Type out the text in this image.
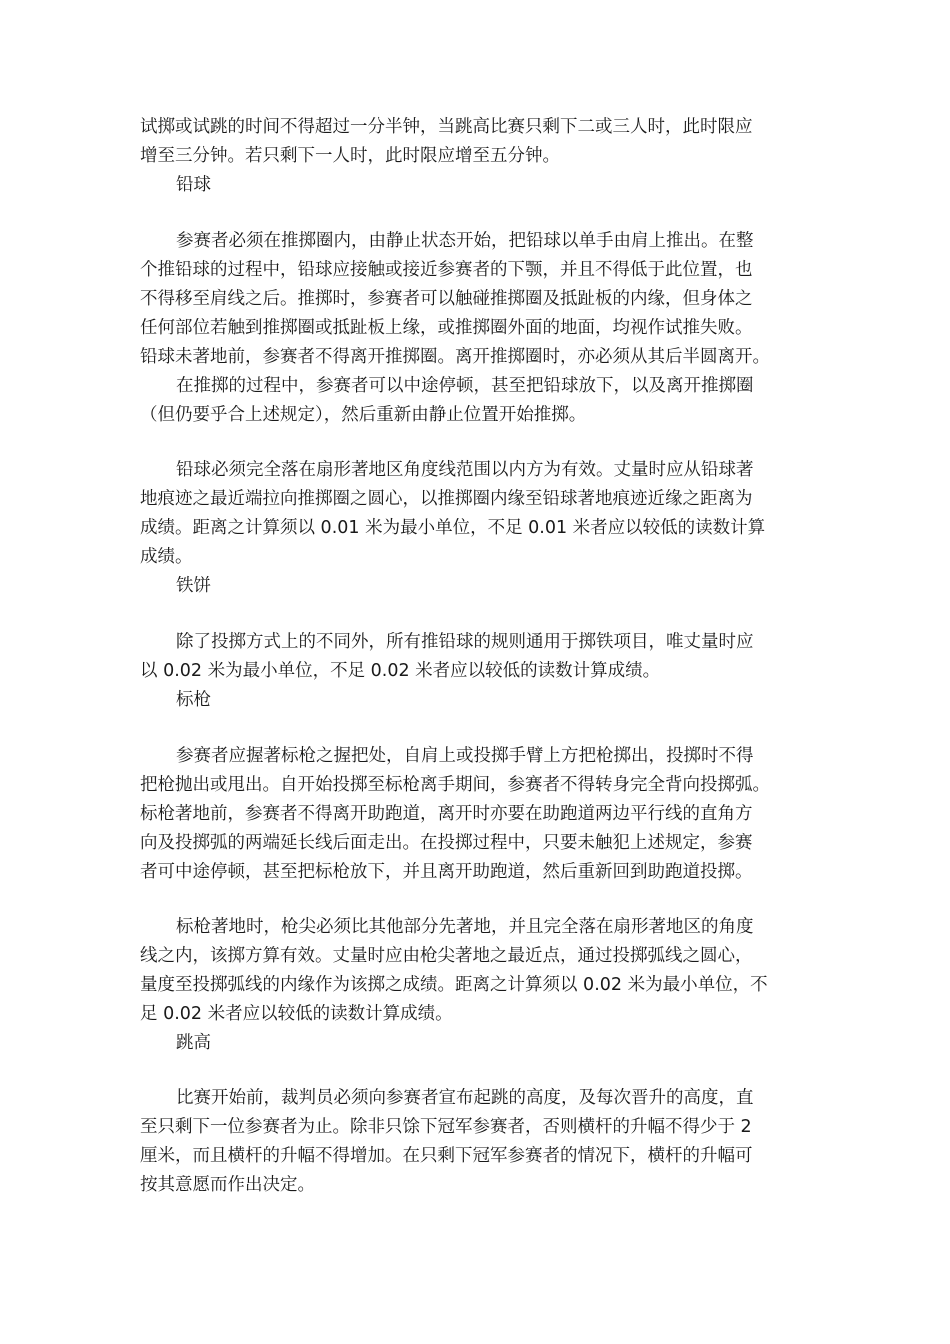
试掷或试跳的时间不得超过一分半钟，当跳高比赛只剩下二或三人时，此时限应

增至三分钟。若只剩下一人时，此时限应增至五分钟。

铅球

参赛者必须在推掷圈内，由静止状态开始，把铅球以单手由肩上推出。在整

个推铅球的过程中，铅球应接触或接近参赛者的下颚，并且不得低于此位置，也

不得移至肩线之后。推掷时，参赛者可以触碰推掷圈及抵趾板的内缘，但身体之

任何部位若触到推掷圈或抵趾板上缘，或推掷圈外面的地面，均视作试推失败。

铅球未著地前，参赛者不得离开推掷圈。离开推掷圈时，亦必须从其后半圆离开。

在推掷的过程中，参赛者可以中途停顿，甚至把铅球放下，以及离开推掷圈

（但仍要乎合上述规定），然后重新由静止位置开始推掷。

铅球必须完全落在扇形著地区角度线范围以内方为有效。丈量时应从铅球著

地痕迹之最近端拉向推掷圈之圆心，以推掷圈内缘至铅球著地痕迹近缘之距离为

成绩。距离之计算须以 0.01 米为最小单位，不足 0.01 米者应以较低的读数计算

成绩。

铁饼

除了投掷方式上的不同外，所有推铅球的规则通用于掷铁项目，唯丈量时应

以 0.02 米为最小单位，不足 0.02 米者应以较低的读数计算成绩。

标枪

参赛者应握著标枪之握把处，自肩上或投掷手臂上方把枪掷出，投掷时不得

把枪抛出或甩出。自开始投掷至标枪离手期间，参赛者不得转身完全背向投掷弧。

标枪著地前，参赛者不得离开助跑道，离开时亦要在助跑道两边平行线的直角方

向及投掷弧的两端延长线后面走出。在投掷过程中，只要未触犯上述规定，参赛

者可中途停顿，甚至把标枪放下，并且离开助跑道，然后重新回到助跑道投掷。

标枪著地时，枪尖必须比其他部分先著地，并且完全落在扇形著地区的角度

线之内，该掷方算有效。丈量时应由枪尖著地之最近点，通过投掷弧线之圆心，

量度至投掷弧线的内缘作为该掷之成绩。距离之计算须以 0.02 米为最小单位，不

足 0.02 米者应以较低的读数计算成绩。

跳高

比赛开始前，裁判员必须向参赛者宣布起跳的高度，及每次晋升的高度，直

至只剩下一位参赛者为止。除非只馀下冠军参赛者，否则横杆的升幅不得少于 2

厘米，而且横杆的升幅不得增加。在只剩下冠军参赛者的情况下，横杆的升幅可

按其意愿而作出决定。
